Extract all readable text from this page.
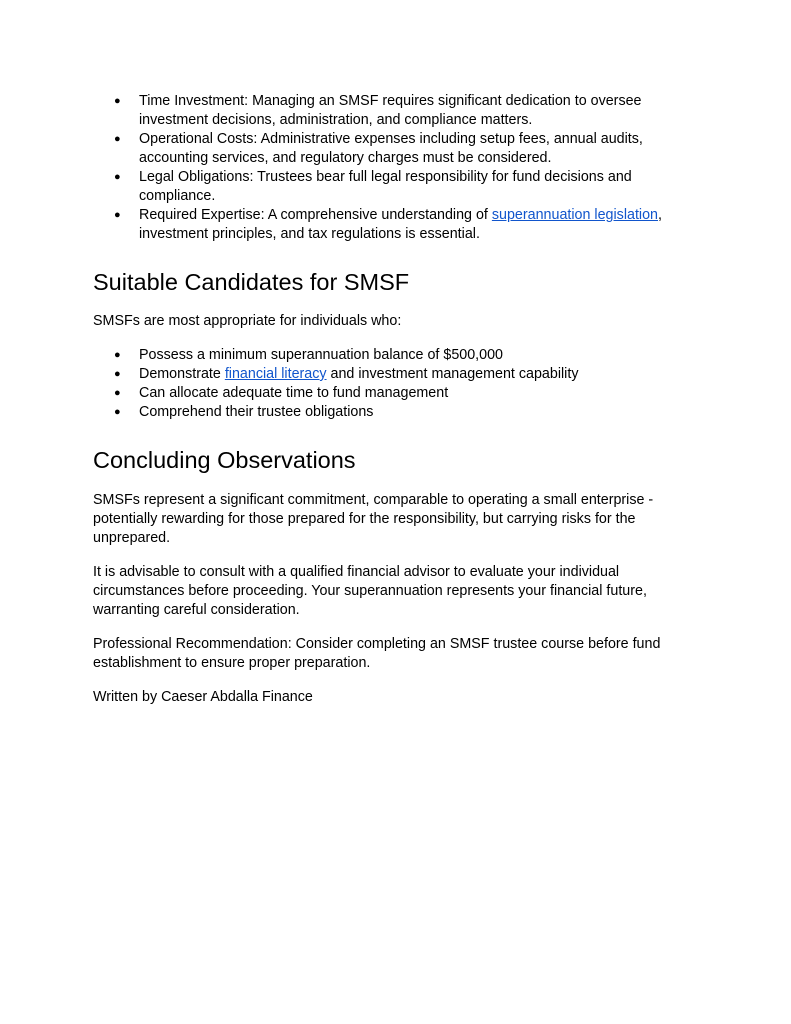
● Time Investment: Managing an SMSF requires significant dedication to oversee investment decisions, administration, and compliance matters.
● Operational Costs: Administrative expenses including setup fees, annual audits, accounting services, and regulatory charges must be considered.
● Legal Obligations: Trustees bear full legal responsibility for fund decisions and compliance.
● Required Expertise: A comprehensive understanding of superannuation legislation, investment principles, and tax regulations is essential.
Suitable Candidates for SMSF

SMSFs are most appropriate for individuals who:

● Possess a minimum superannuation balance of $500,000
● Demonstrate financial literacy and investment management capability
● Can allocate adequate time to fund management
● Comprehend their trustee obligations
Concluding Observations

SMSFs represent a significant commitment, comparable to operating a small enterprise - potentially rewarding for those prepared for the responsibility, but carrying risks for the unprepared.

It is advisable to consult with a qualified financial advisor to evaluate your individual circumstances before proceeding. Your superannuation represents your financial future, warranting careful consideration.

Professional Recommendation: Consider completing an SMSF trustee course before fund establishment to ensure proper preparation.

Written by Caeser Abdalla Finance
